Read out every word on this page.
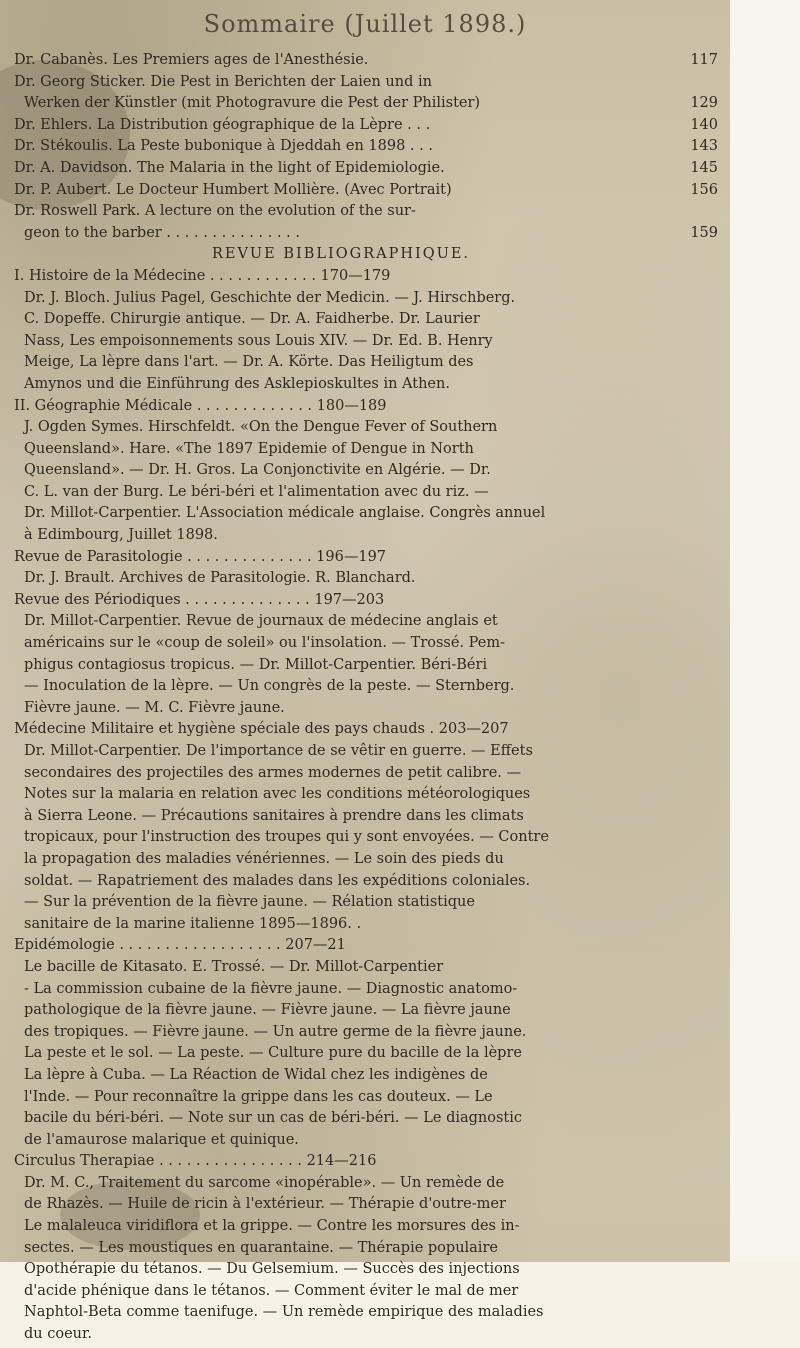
Sommaire (Juillet 1898.)
Dr. Cabanès. Les Premiers ages de l'Anesthésie.	117
Dr. Georg Sticker. Die Pest in Berichten der Laien und in
Werken der Künstler (mit Photogravure die Pest der Philister)	129
Dr. Ehlers. La Distribution géographique de la Lèpre . . .	140
Dr. Stékoulis. La Peste bubonique à Djeddah en 1898 . . .	143
Dr. A. Davidson. The Malaria in the light of Epidemiologie.	145
Dr. P. Aubert. Le Docteur Humbert Mollière. (Avec Portrait)	156
Dr. Roswell Park. A lecture on the evolution of the sur-
geon to the barber . . . . . . . . . . . . . . .	159
REVUE BIBLIOGRAPHIQUE.
I. Histoire de la Médecine . . . . . . . . . . . . 170—179
Dr. J. Bloch. Julius Pagel, Geschichte der Medicin. — J. Hirschberg.
C. Dopeffe. Chirurgie antique. — Dr. A. Faidherbe. Dr. Laurier
Nass, Les empoisonnements sous Louis XIV. — Dr. Ed. B. Henry
Meige, La lèpre dans l'art. — Dr. A. Körte. Das Heiligtum des
Amynos und die Einführung des Asklepioskultes in Athen.
II. Géographie Médicale . . . . . . . . . . . . . 180—189
J. Ogden Symes. Hirschfeldt. «On the Dengue Fever of Southern
Queensland». Hare. «The 1897 Epidemie of Dengue in North
Queensland». — Dr. H. Gros. La Conjonctivite en Algérie. — Dr.
C. L. van der Burg. Le béri-béri et l'alimentation avec du riz. —
Dr. Millot-Carpentier. L'Association médicale anglaise. Congrès annuel
à Edimbourg, Juillet 1898.
Revue de Parasitologie . . . . . . . . . . . . . . 196—197
Dr. J. Brault. Archives de Parasitologie. R. Blanchard.
Revue des Périodiques . . . . . . . . . . . . . . 197—203
Dr. Millot-Carpentier. Revue de journaux de médecine anglais et
américains sur le «coup de soleil» ou l'insolation. — Trossé. Pem-
phigus contagiosus tropicus. — Dr. Millot-Carpentier. Béri-Béri
— Inoculation de la lèpre. — Un congrès de la peste. — Sternberg.
Fièvre jaune. — M. C. Fièvre jaune.
Médecine Militaire et hygiène spéciale des pays chauds . 203—207
Dr. Millot-Carpentier. De l'importance de se vêtir en guerre. — Effets
secondaires des projectiles des armes modernes de petit calibre. —
Notes sur la malaria en relation avec les conditions météorologiques
à Sierra Leone. — Précautions sanitaires à prendre dans les climats
tropicaux, pour l'instruction des troupes qui y sont envoyées. — Contre
la propagation des maladies vénériennes. — Le soin des pieds du
soldat. — Rapatriement des malades dans les expéditions coloniales.
— Sur la prévention de la fièvre jaune. — Rélation statistique
sanitaire de la marine italienne 1895—1896. .
Epidémologie . . . . . . . . . . . . . . . . . . 207—21
Le bacille de Kitasato. E. Trossé. — Dr. Millot-Carpentier
- La commission cubaine de la fièvre jaune. — Diagnostic anatomo-
pathologique de la fièvre jaune. — Fièvre jaune. — La fièvre jaune
des tropiques. — Fièvre jaune. — Un autre germe de la fièvre jaune.
La peste et le sol. — La peste. — Culture pure du bacille de la lèpre
La lèpre à Cuba. — La Réaction de Widal chez les indigènes de
l'Inde. — Pour reconnaître la grippe dans les cas douteux. — Le
bacile du béri-béri. — Note sur un cas de béri-béri. — Le diagnostic
de l'amaurose malarique et quinique.
Circulus Therapiae . . . . . . . . . . . . . . . . 214—216
Dr. M. C., Traitement du sarcome «inopérable». — Un remède de
de Rhazès. — Huile de ricin à l'extérieur. — Thérapie d'outre-mer
Le malaleuca viridiflora et la grippe. — Contre les morsures des in-
sectes. — Les moustiques en quarantaine. — Thérapie populaire
Opothérapie du tétanos. — Du Gelsemium. — Succès des injections
d'acide phénique dans le tétanos. — Comment éviter le mal de mer
Naphtol-Beta comme taenifuge. — Un remède empirique des maladies
du coeur.
